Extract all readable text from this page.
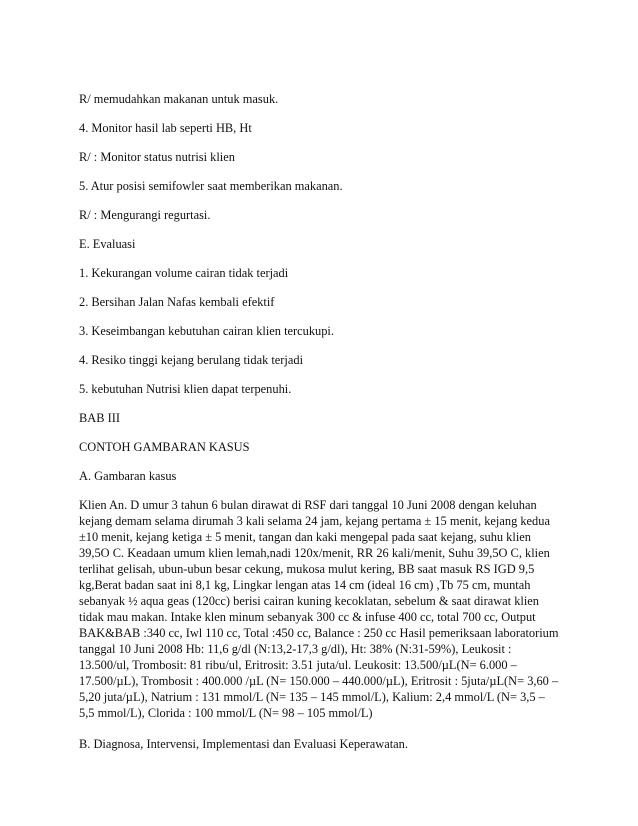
R/ memudahkan makanan untuk masuk.

4. Monitor hasil lab seperti HB, Ht

R/ : Monitor status nutrisi klien

5. Atur posisi semifowler saat memberikan makanan.

R/ : Mengurangi regurtasi.

E. Evaluasi

1. Kekurangan volume cairan tidak terjadi

2. Bersihan Jalan Nafas kembali efektif

3. Keseimbangan kebutuhan cairan klien tercukupi.

4. Resiko tinggi kejang berulang tidak terjadi

5. kebutuhan Nutrisi klien dapat terpenuhi.

BAB III

CONTOH GAMBARAN KASUS

A. Gambaran kasus

Klien An. D umur 3 tahun 6 bulan dirawat di RSF dari tanggal 10 Juni 2008 dengan keluhan
kejang demam selama dirumah 3 kali selama 24 jam, kejang pertama ± 15 menit, kejang kedua
±10 menit, kejang ketiga ± 5 menit, tangan dan kaki mengepal pada saat kejang, suhu klien
39,5O C. Keadaan umum klien lemah,nadi 120x/menit, RR 26 kali/menit, Suhu 39,5O C, klien
terlihat gelisah, ubun-ubun besar cekung, mukosa mulut kering, BB saat masuk RS IGD 9,5
kg,Berat badan saat ini 8,1 kg, Lingkar lengan atas 14 cm (ideal 16 cm) ,Tb 75 cm, muntah
sebanyak ½ aqua geas (120cc) berisi cairan kuning kecoklatan, sebelum & saat dirawat klien
tidak mau makan. Intake klen minum sebanyak 300 cc & infuse 400 cc, total 700 cc, Output
BAK&BAB :340 cc, Iwl 110 cc, Total :450 cc, Balance : 250 cc Hasil pemeriksaan laboratorium
tanggal 10 Juni 2008 Hb: 11,6 g/dl (N:13,2-17,3 g/dl), Ht: 38% (N:31-59%), Leukosit :
13.500/ul, Trombosit: 81 ribu/ul, Eritrosit: 3.51 juta/ul. Leukosit: 13.500/µL(N= 6.000 –
17.500/µL), Trombosit : 400.000 /µL (N= 150.000 – 440.000/µL), Eritrosit : 5juta/µL(N= 3,60 –
5,20 juta/µL), Natrium : 131 mmol/L (N= 135 – 145 mmol/L), Kalium: 2,4 mmol/L (N= 3,5 –
5,5 mmol/L), Clorida : 100 mmol/L (N= 98 – 105 mmol/L)

B. Diagnosa, Intervensi, Implementasi dan Evaluasi Keperawatan.
